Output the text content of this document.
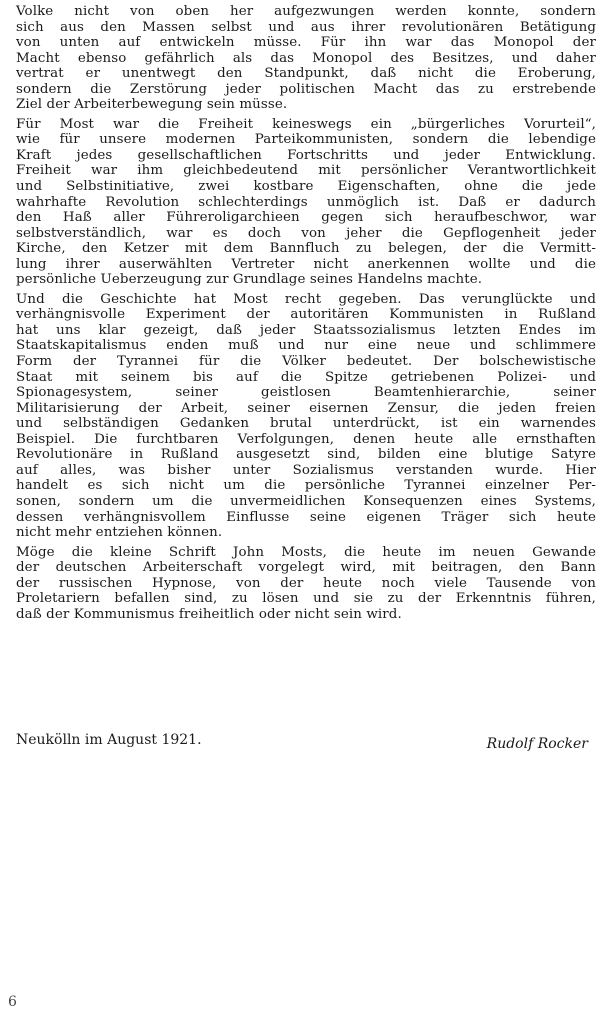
Volke nicht von oben her aufgezwungen werden konnte, sondern
sich aus den Massen selbst und aus ihrer revolutionären Betätigung
von unten auf entwickeln müsse. Für ihn war das Monopol der
Macht ebenso gefährlich als das Monopol des Besitzes, und daher
vertrat er unentwegt den Standpunkt, daß nicht die Eroberung,
sondern die Zerstörung jeder politischen Macht das zu erstrebende
Ziel der Arbeiterbewegung sein müsse.

Für Most war die Freiheit keineswegs ein „bürgerliches Vorurteil“,
wie für unsere modernen Parteikommunisten, sondern die lebendige
Kraft jedes gesellschaftlichen Fortschritts und jeder Entwicklung.
Freiheit war ihm gleichbedeutend mit persönlicher Verantwortlichkeit
und Selbstinitiative, zwei kostbare Eigenschaften, ohne die jede
wahrhafte Revolution schlechterdings unmöglich ist. Daß er dadurch
den Haß aller Führeroligarchieen gegen sich heraufbeschwor, war
selbstverständlich, war es doch von jeher die Gepflogenheit jeder
Kirche, den Ketzer mit dem Bannfluch zu belegen, der die Vermitt-
lung ihrer auserwählten Vertreter nicht anerkennen wollte und die
persönliche Ueberzeugung zur Grundlage seines Handelns machte.

Und die Geschichte hat Most recht gegeben. Das verunglückte und
verhängnisvolle Experiment der autoritären Kommunisten in Rußland
hat uns klar gezeigt, daß jeder Staatssozialismus letzten Endes im
Staatskapitalismus enden muß und nur eine neue und schlimmere
Form der Tyrannei für die Völker bedeutet. Der bolschewistische
Staat mit seinem bis auf die Spitze getriebenen Polizei- und
Spionagesystem, seiner geistlosen Beamtenhierarchie, seiner
Militarisierung der Arbeit, seiner eisernen Zensur, die jeden freien
und selbständigen Gedanken brutal unterdrückt, ist ein warnendes
Beispiel. Die furchtbaren Verfolgungen, denen heute alle ernsthaften
Revolutionäre in Rußland ausgesetzt sind, bilden eine blutige Satyre
auf alles, was bisher unter Sozialismus verstanden wurde. Hier
handelt es sich nicht um die persönliche Tyrannei einzelner Per-
sonen, sondern um die unvermeidlichen Konsequenzen eines Systems,
dessen verhängnisvollem Einflusse seine eigenen Träger sich heute
nicht mehr entziehen können.

Möge die kleine Schrift John Mosts, die heute im neuen Gewande
der deutschen Arbeiterschaft vorgelegt wird, mit beitragen, den Bann
der russischen Hypnose, von der heute noch viele Tausende von
Proletariern befallen sind, zu lösen und sie zu der Erkenntnis führen,
daß der Kommunismus freiheitlich oder nicht sein wird.

Neukölln im August 1921.	Rudolf Rocker
6
